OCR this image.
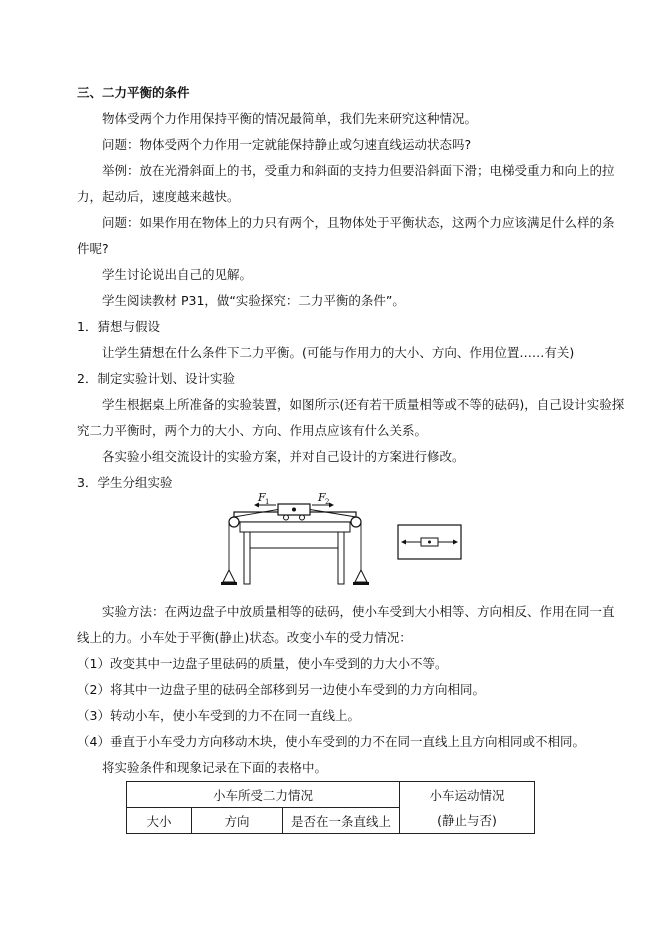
三、二力平衡的条件
物体受两个力作用保持平衡的情况最简单，我们先来研究这种情况。
问题：物体受两个力作用一定就能保持静止或匀速直线运动状态吗?
举例：放在光滑斜面上的书，受重力和斜面的支持力但要沿斜面下滑；电梯受重力和向上的拉
力，起动后，速度越来越快。
问题：如果作用在物体上的力只有两个，且物体处于平衡状态，这两个力应该满足什么样的条
件呢?
学生讨论说出自己的见解。
学生阅读教材 P31，做“实验探究：二力平衡的条件”。
1．猜想与假设
让学生猜想在什么条件下二力平衡。(可能与作用力的大小、方向、作用位置……有关)
2．制定实验计划、设计实验
学生根据桌上所准备的实验装置，如图所示(还有若干质量相等或不等的砝码)，自己设计实验探
究二力平衡时，两个力的大小、方向、作用点应该有什么关系。
各实验小组交流设计的实验方案，并对自己设计的方案进行修改。
3．学生分组实验
F 1	F 2
实验方法：在两边盘子中放质量相等的砝码，使小车受到大小相等、方向相反、作用在同一直
线上的力。小车处于平衡(静止)状态。改变小车的受力情况：
（1）改变其中一边盘子里砝码的质量，使小车受到的力大小不等。
（2）将其中一边盘子里的砝码全部移到另一边使小车受到的力方向相同。
（3）转动小车，使小车受到的力不在同一直线上。
（4）垂直于小车受力方向移动木块，使小车受到的力不在同一直线上且方向相同或不相同。
将实验条件和现象记录在下面的表格中。
小车所受二力情况			小车运动情况
大小	方向	是否在一条直线上	(静止与否)
